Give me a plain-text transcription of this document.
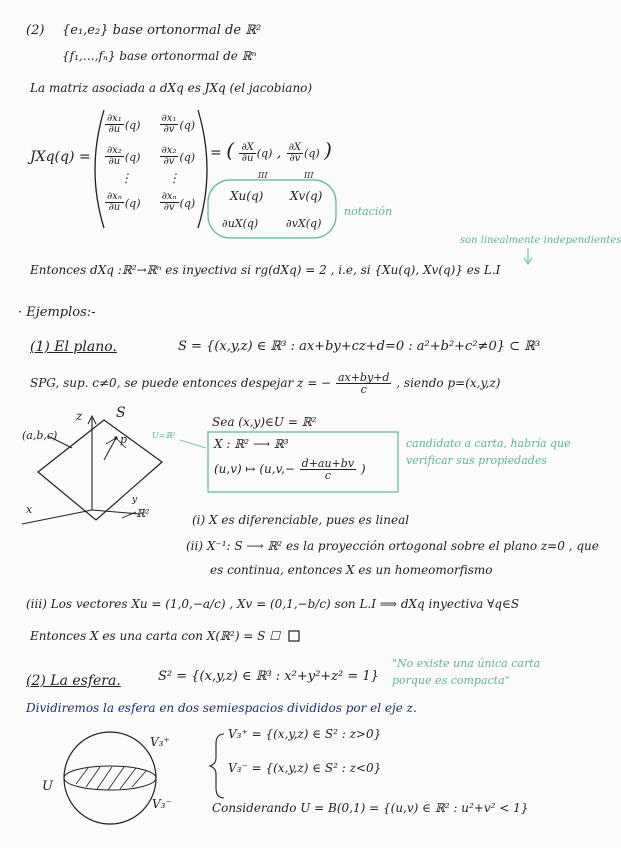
(2) {e₁,e₂} base ortonormal de ℝ²
{f₁,…,fₙ} base ortonormal de ℝⁿ
La matriz asociada a dΧq es JΧq (el jacobiano)
JΧq(q) =
$\frac{\text{∂x₁}}{\partial u} (q) \frac{\text{∂x₁}}{\partial v} (q)$
$\frac{\text{∂x₂}}{\partial u} (q) \frac{\text{∂x₂}}{\partial v} (q)$
⋮	⋮
$\frac{\text{∂xₙ}}{\partial u} (q) \frac{\text{∂xₙ}}{\partial v} (q)$
= ( $\frac{\partial X}{\partial u} (q)$ , $\frac{\partial X}{\partial v} (q)$ )
III	III
Χu(q) Χv(q)
∂uΧ(q)	∂vΧ(q)
notación
son linealmente independientes
Entonces dΧq :ℝ²→ℝⁿ es inyectiva si rg(dΧq) = 2 , i.e, si {Χu(q), Χv(q)} es L.I
· Ejemplos:-
(1) El plano.	S = {(x,y,z) ∈ ℝ³ : ax+by+cz+d=0 : a²+b²+c²≠0} ⊂ ℝ³
SPG, sup. c≠0, se puede entonces despejar z = − $\frac{ax+by+d}{c}$ , siendo p=(x,y,z)
z S
(a,b,c)	p
x	ℝ²
y
Sea (x,y)∈U = ℝ²
U=ℝ²
Χ : ℝ² ⟶ ℝ³
(u,v) ↦ ($u,v,- \frac{d+au+bv}{c}$ )
candidato a carta, habría que verificar sus propiedades
(i) Χ es diferenciable, pues es lineal
(ii) Χ⁻¹: S ⟶ ℝ² es la proyección ortogonal sobre el plano z=0 , que
es continua, entonces Χ es un homeomorfismo
(iii) Los vectores Χu = (1,0,−a/c) , Χv = (0,1,−b/c) son L.I ⟹ dΧq inyectiva ∀q∈S
Entonces Χ es una carta con Χ(ℝ²) = S ☐
(2) La esfera.	S² = {(x,y,z) ∈ ℝ³ : x²+y²+z² = 1}
"No existe una única carta porque es compacta"
Dividiremos la esfera en dos semiespacios divididos por el eje z.
V₃⁺
V₃⁻
U
V₃⁺ = {(x,y,z) ∈ S² : z>0}
V₃⁻ = {(x,y,z) ∈ S² : z<0}
Considerando U = B(0,1) = {(u,v) ∈ ℝ² : u²+v² < 1}
